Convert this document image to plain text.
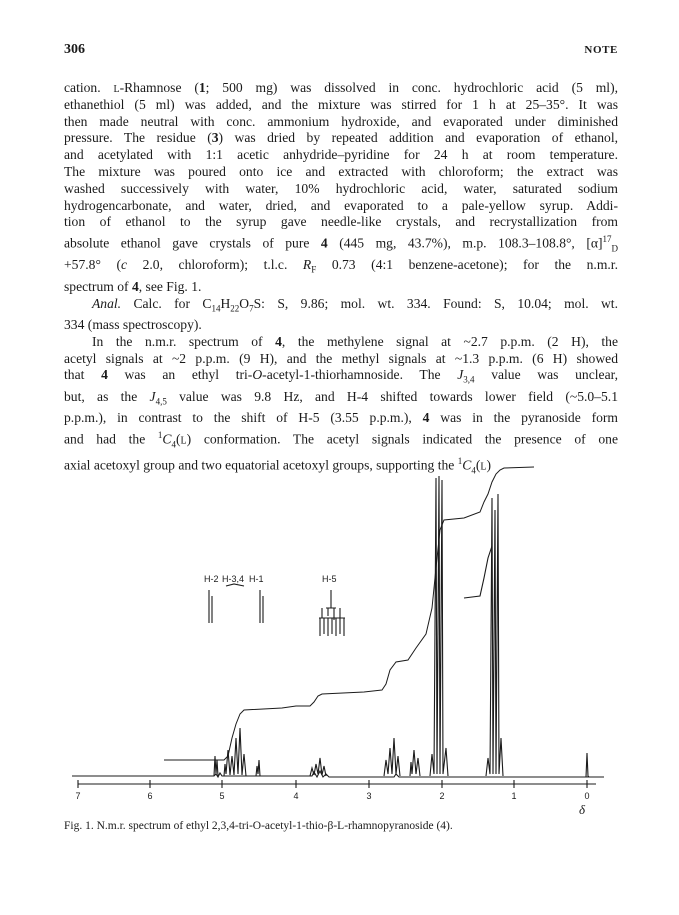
306	NOTE
cation. l-Rhamnose (1; 500 mg) was dissolved in conc. hydrochloric acid (5 ml),
ethanethiol (5 ml) was added, and the mixture was stirred for 1 h at 25–35°. It was
then made neutral with conc. ammonium hydroxide, and evaporated under diminished
pressure. The residue (3) was dried by repeated addition and evaporation of ethanol,
and acetylated with 1:1 acetic anhydride–pyridine for 24 h at room temperature.
The mixture was poured onto ice and extracted with chloroform; the extract was
washed successively with water, 10% hydrochloric acid, water, saturated sodium
hydrogencarbonate, and water, dried, and evaporated to a pale-yellow syrup. Addi-
tion of ethanol to the syrup gave needle-like crystals, and recrystallization from
absolute ethanol gave crystals of pure 4 (445 mg, 43.7%), m.p. 108.3–108.8°, $[\alpha]^{17}_D$
+57.8° (c 2.0, chloroform); t.l.c. $R_F$ 0.73 (4:1 benzene-acetone); for the n.m.r.
spectrum of 4, see Fig. 1.
Anal. Calc. for $C_{14}H_{22}O_7S$: S, 9.86; mol. wt. 334. Found: S, 10.04; mol. wt.
334 (mass spectroscopy).
In the n.m.r. spectrum of 4, the methylene signal at ~2.7 p.p.m. (2 H), the
acetyl signals at ~2 p.p.m. (9 H), and the methyl signals at ~1.3 p.p.m. (6 H) showed
that 4 was an ethyl tri-O-acetyl-1-thiorhamnoside. The $J_{3,4}$ value was unclear,
but, as the $J_{4,5}$ value was 9.8 Hz, and H-4 shifted towards lower field (~5.0–5.1
p.p.m.), in contrast to the shift of H-5 (3.55 p.p.m.), 4 was in the pyranoside form
and had the $^1C_4(l)$ conformation. The acetyl signals indicated the presence of one
axial acetoxyl group and two equatorial acetoxyl groups, supporting the $^1C_4(l)$
H-2 H-3,4 H-1	H-5
7	6	5	4	3	2	1	0
δ
Fig. 1. N.m.r. spectrum of ethyl 2,3,4-tri-O-acetyl-1-thio-β-L-rhamnopyranoside (4).
